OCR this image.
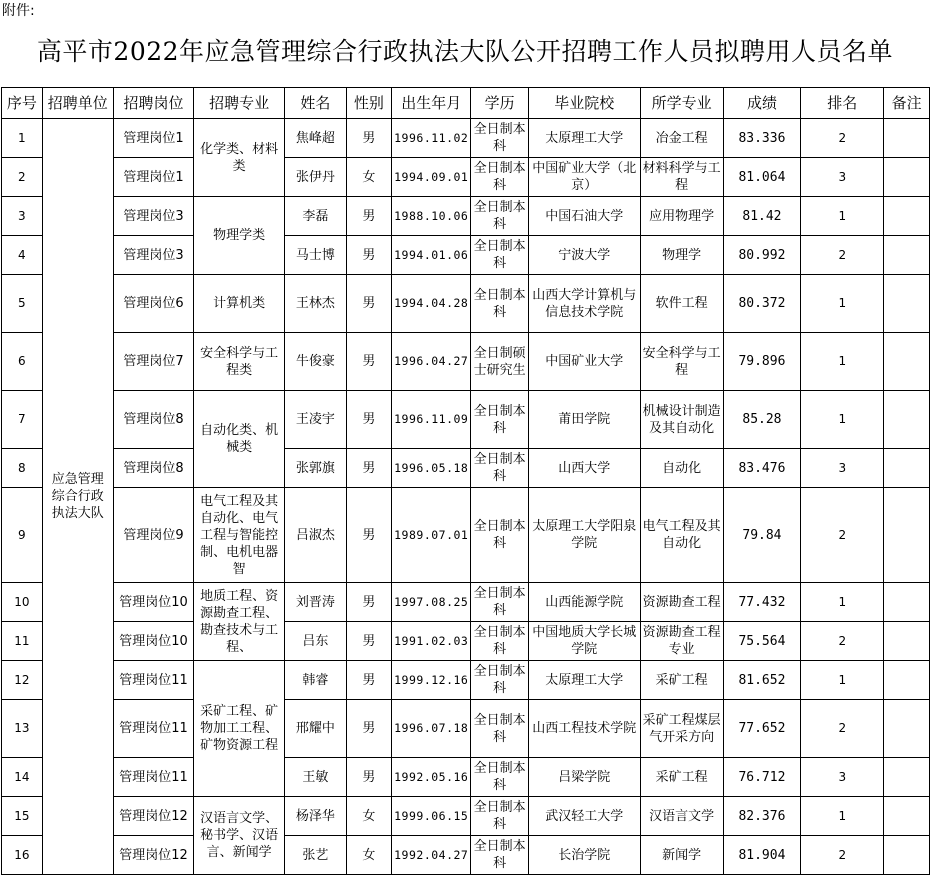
附件:
高平市2022年应急管理综合行政执法大队公开招聘工作人员拟聘用人员名单
序号	招聘单位	招聘岗位	招聘专业	姓名	性别	出生年月	学历	毕业院校	所学专业	成绩	排名	备注
1	应急管理综合行政执法大队	管理岗位1	化学类、材料类	焦峰超	男	1996.11.02	全日制本科	太原理工大学	冶金工程	83.336	2	
2		管理岗位1		张伊丹	女	1994.09.01	全日制本科	中国矿业大学（北京）	材料科学与工程	81.064	3	
3		管理岗位3	物理学类	李磊	男	1988.10.06	全日制本科	中国石油大学	应用物理学	81.42	1	
4		管理岗位3		马士博	男	1994.01.06	全日制本科	宁波大学	物理学	80.992	2	
5		管理岗位6	计算机类	王林杰	男	1994.04.28	全日制本科	山西大学计算机与信息技术学院	软件工程	80.372	1	
6		管理岗位7	安全科学与工程类	牛俊豪	男	1996.04.27	全日制硕士研究生	中国矿业大学	安全科学与工程	79.896	1	
7		管理岗位8	自动化类、机械类	王凌宇	男	1996.11.09	全日制本科	莆田学院	机械设计制造及其自动化	85.28	1	
8		管理岗位8		张郭旗	男	1996.05.18	全日制本科	山西大学	自动化	83.476	3	
9		管理岗位9	电气工程及其自动化、电气工程与智能控制、电机电器智	吕淑杰	男	1989.07.01	全日制本科	太原理工大学阳泉学院	电气工程及其自动化	79.84	2	
10		管理岗位10	地质工程、资源勘查工程、勘查技术与工程、	刘晋涛	男	1997.08.25	全日制本科	山西能源学院	资源勘查工程	77.432	1	
11		管理岗位10		吕东	男	1991.02.03	全日制本科	中国地质大学长城学院	资源勘查工程专业	75.564	2	
12		管理岗位11	采矿工程、矿物加工工程、矿物资源工程	韩睿	男	1999.12.16	全日制本科	太原理工大学	采矿工程	81.652	1	
13		管理岗位11		邢耀中	男	1996.07.18	全日制本科	山西工程技术学院	采矿工程煤层气开采方向	77.652	2	
14		管理岗位11		王敏	男	1992.05.16	全日制本科	吕梁学院	采矿工程	76.712	3	
15		管理岗位12	汉语言文学、秘书学、汉语言、新闻学	杨泽华	女	1999.06.15	全日制本科	武汉轻工大学	汉语言文学	82.376	1	
16		管理岗位12		张艺	女	1992.04.27	全日制本科	长治学院	新闻学	81.904	2	
